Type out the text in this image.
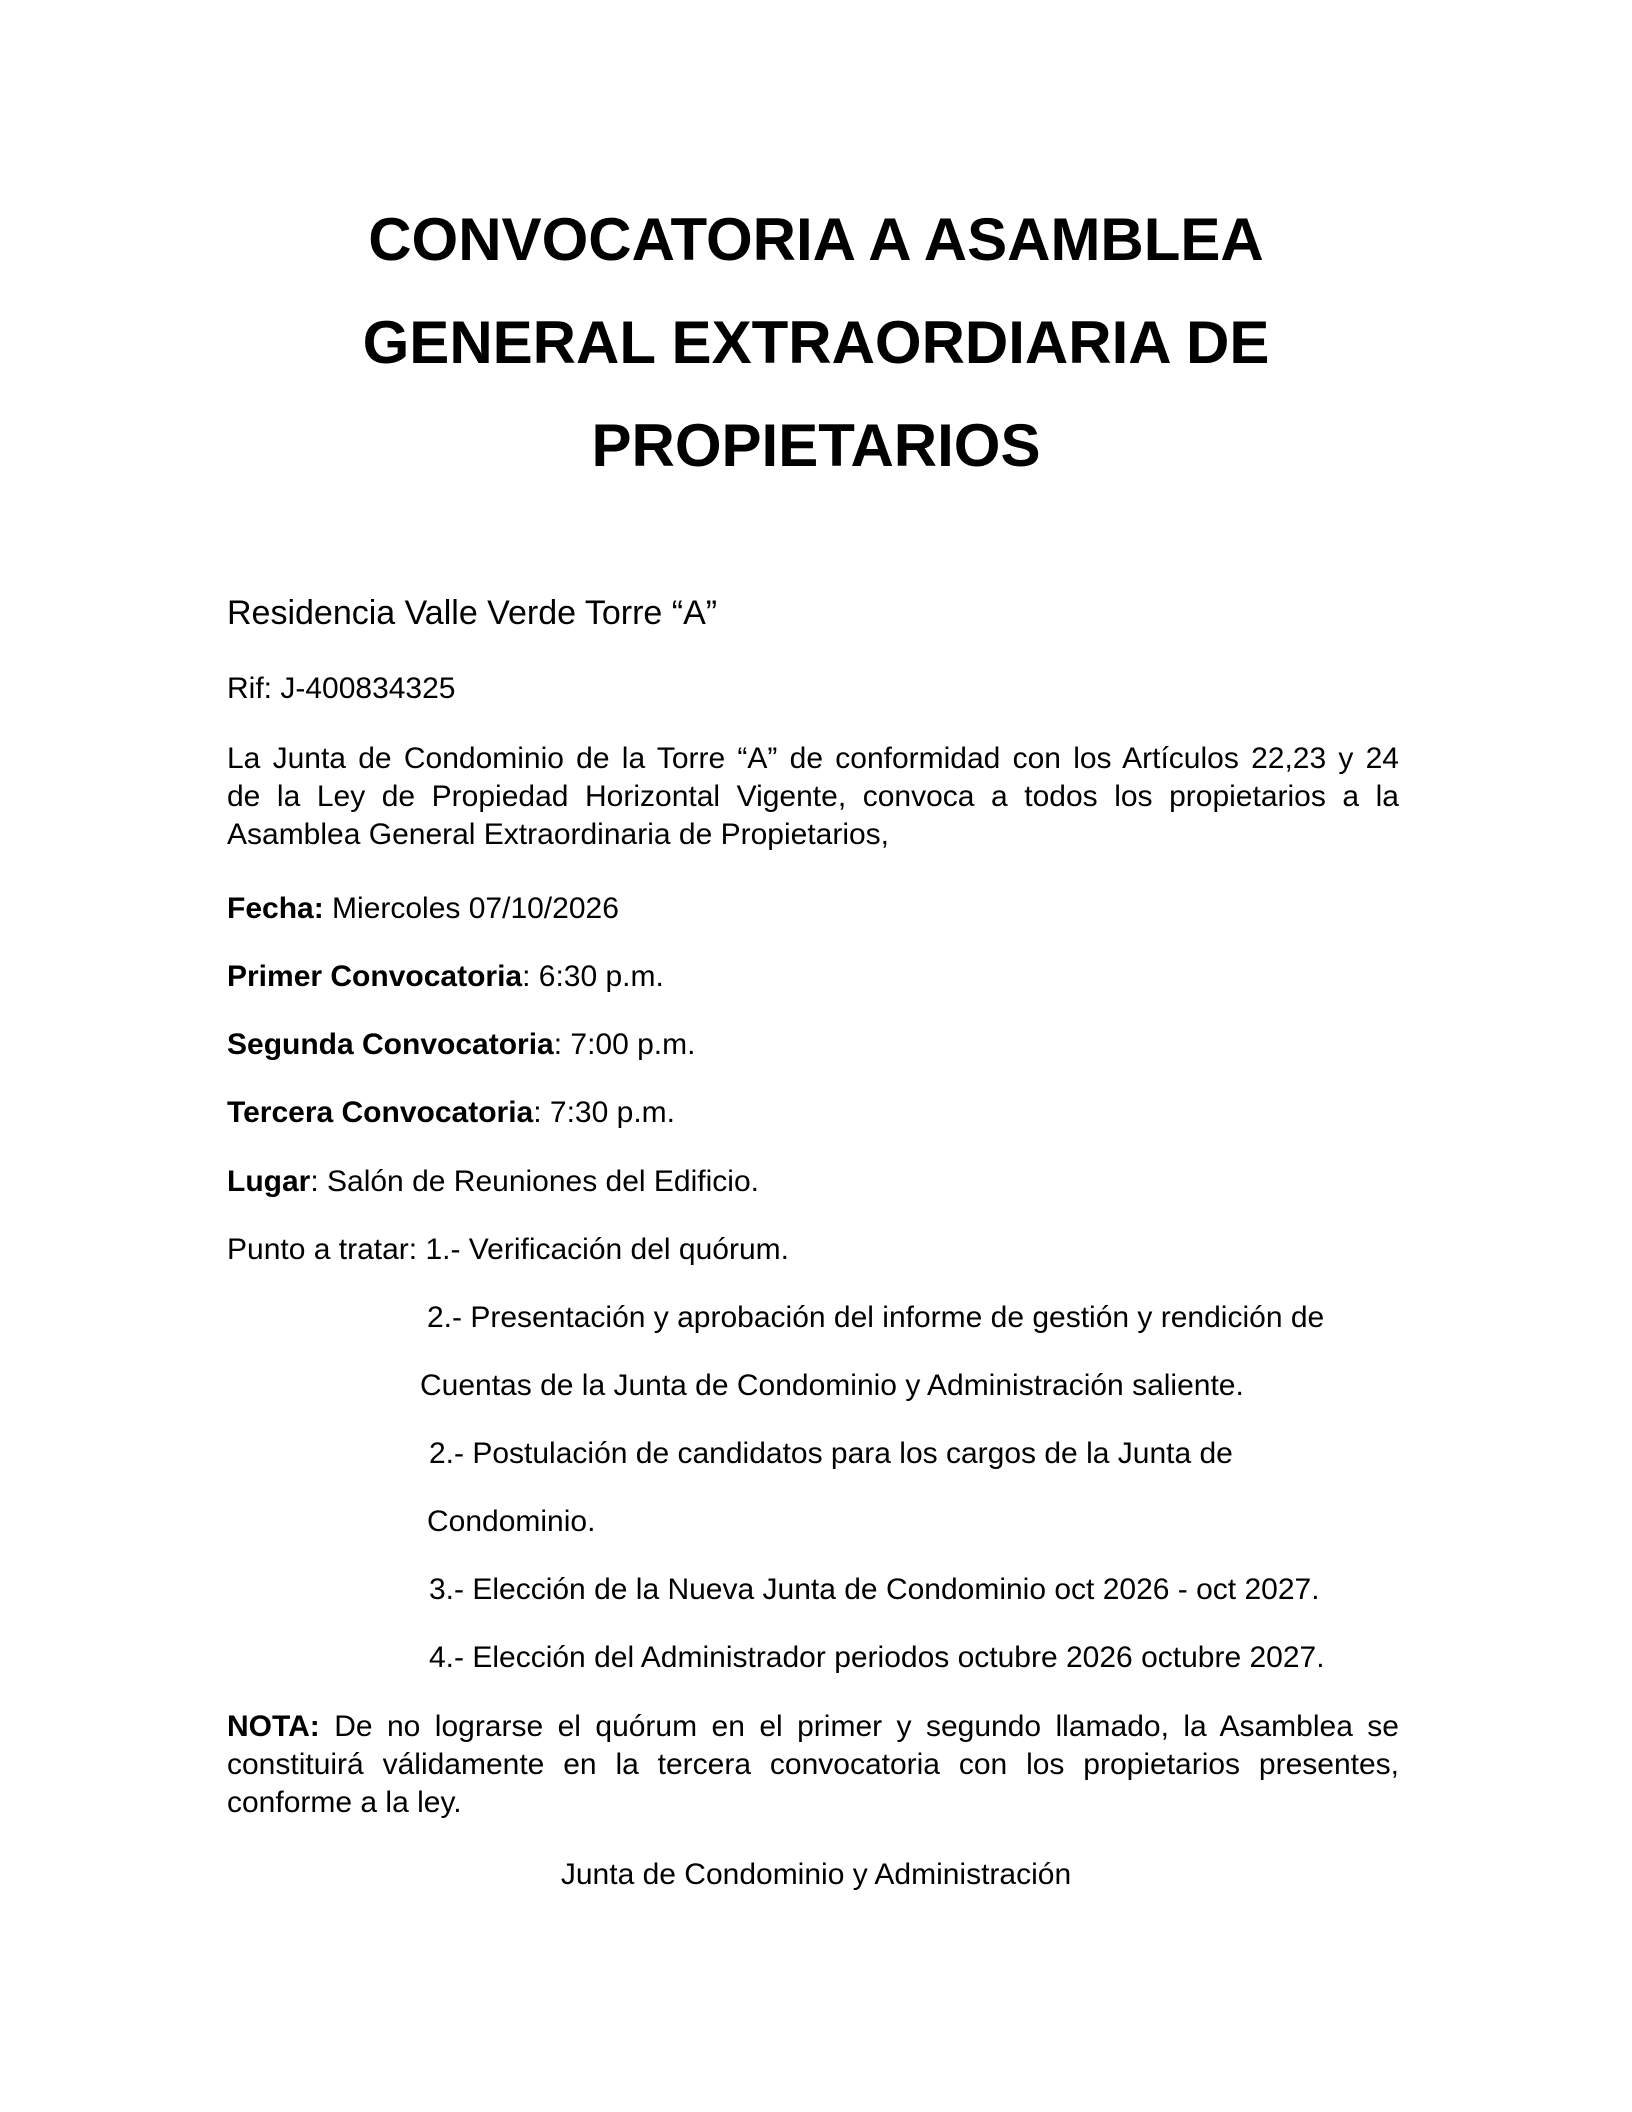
CONVOCATORIA A ASAMBLEA
GENERAL EXTRAORDIARIA DE
PROPIETARIOS
Residencia Valle Verde Torre “A”
Rif: J-400834325
La Junta de Condominio de la Torre “A” de conformidad con los Artículos 22,23 y 24
de la Ley de Propiedad Horizontal Vigente, convoca a todos los propietarios a la
Asamblea General Extraordinaria de Propietarios,
Fecha: Miercoles 07/10/2026
Primer Convocatoria: 6:30 p.m.
Segunda Convocatoria: 7:00 p.m.
Tercera Convocatoria: 7:30 p.m.
Lugar: Salón de Reuniones del Edificio.
Punto a tratar: 1.- Verificación del quórum.
2.- Presentación y aprobación del informe de gestión y rendición de
Cuentas de la Junta de Condominio y Administración saliente.
2.- Postulación de candidatos para los cargos de la Junta de
Condominio.
3.- Elección de la Nueva Junta de Condominio oct 2026 - oct 2027.
4.- Elección del Administrador periodos octubre 2026 octubre 2027.
NOTA: De no lograrse el quórum en el primer y segundo llamado, la Asamblea se
constituirá válidamente en la tercera convocatoria con los propietarios presentes,
conforme a la ley.
Junta de Condominio y Administración
